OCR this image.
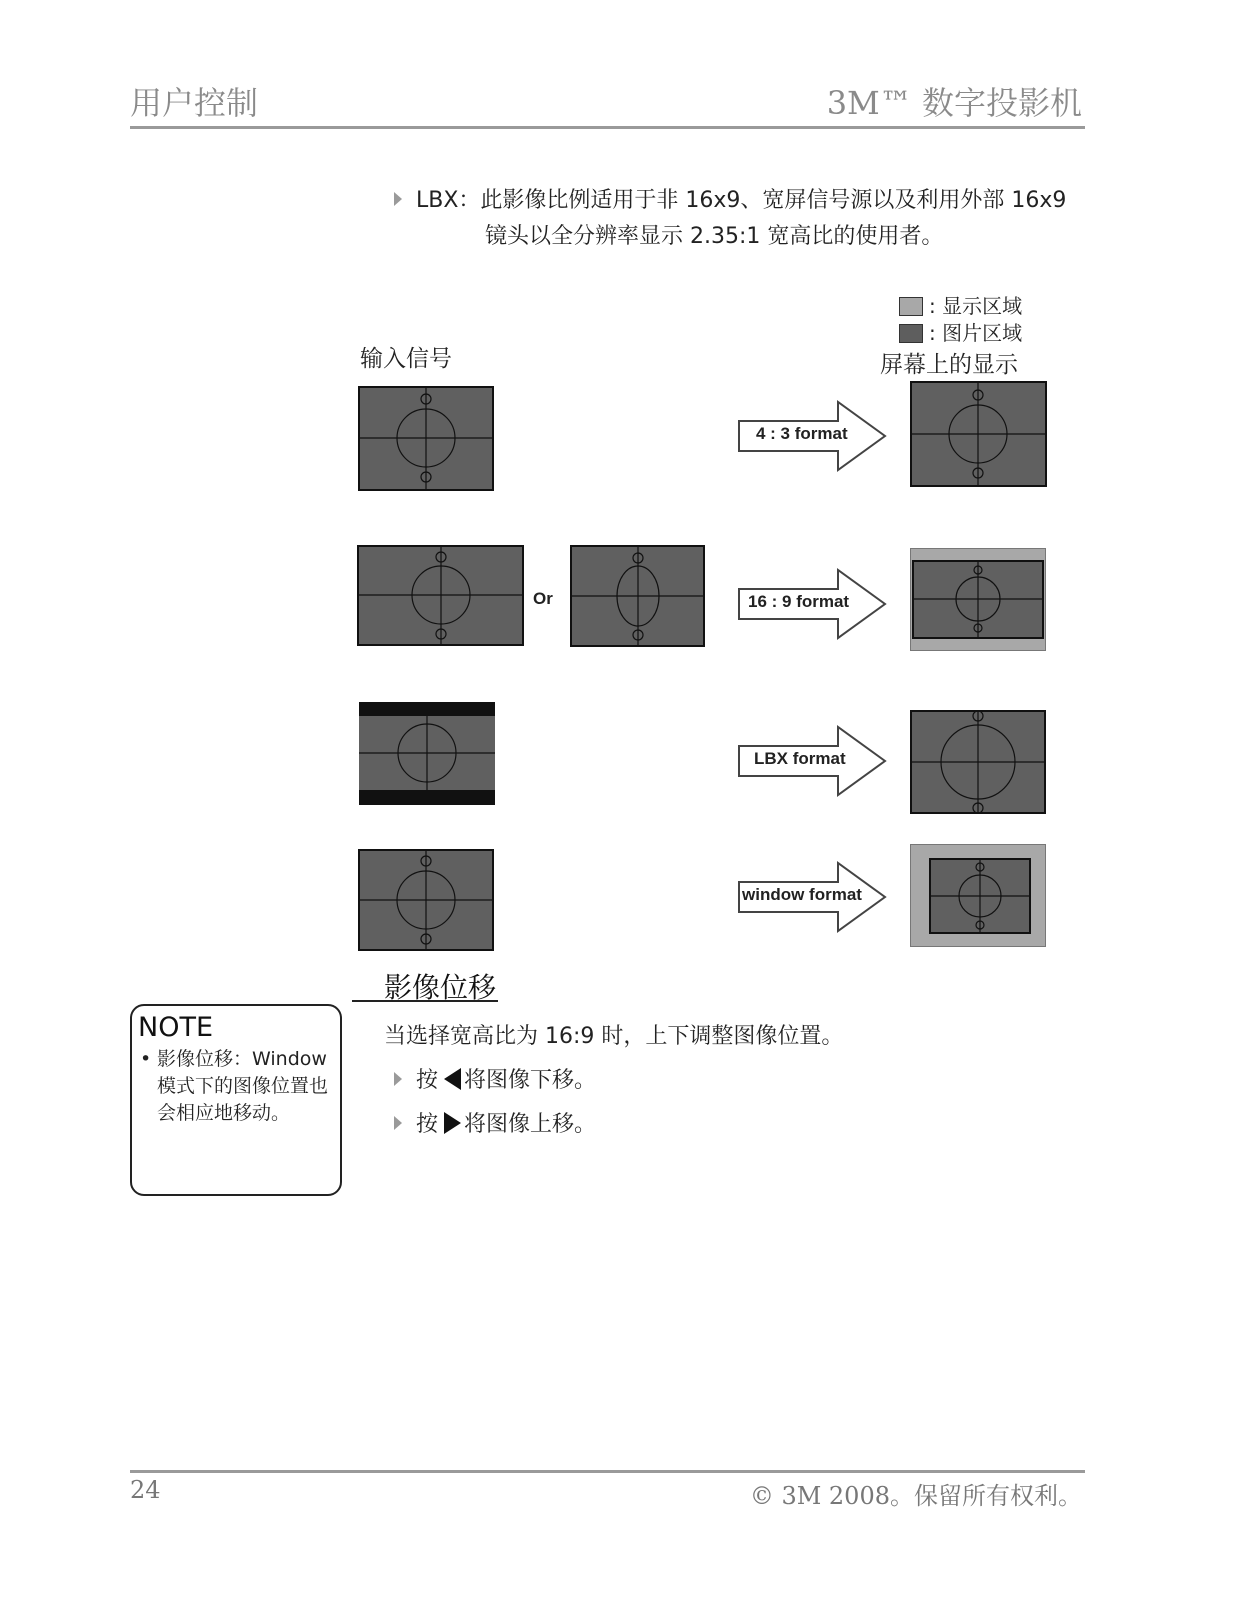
用户控制	3M™ 数字投影机
LBX：此影像比例适用于非 16x9、宽屏信号源以及利用外部 16x9
镜头以全分辨率显示 2.35:1 宽高比的使用者。
: 显示区域
: 图片区域
输入信号	屏幕上的显示
4 : 3 format
Or	16 : 9 format
LBX format
window format
影像位移
当选择宽高比为 16:9 时，上下调整图像位置。
按 将图像下移。
按 将图像上移。
NOTE
• 影像位移：Window 模式下的图像位置也会相应地移动。
24	© 3M 2008。保留所有权利。
